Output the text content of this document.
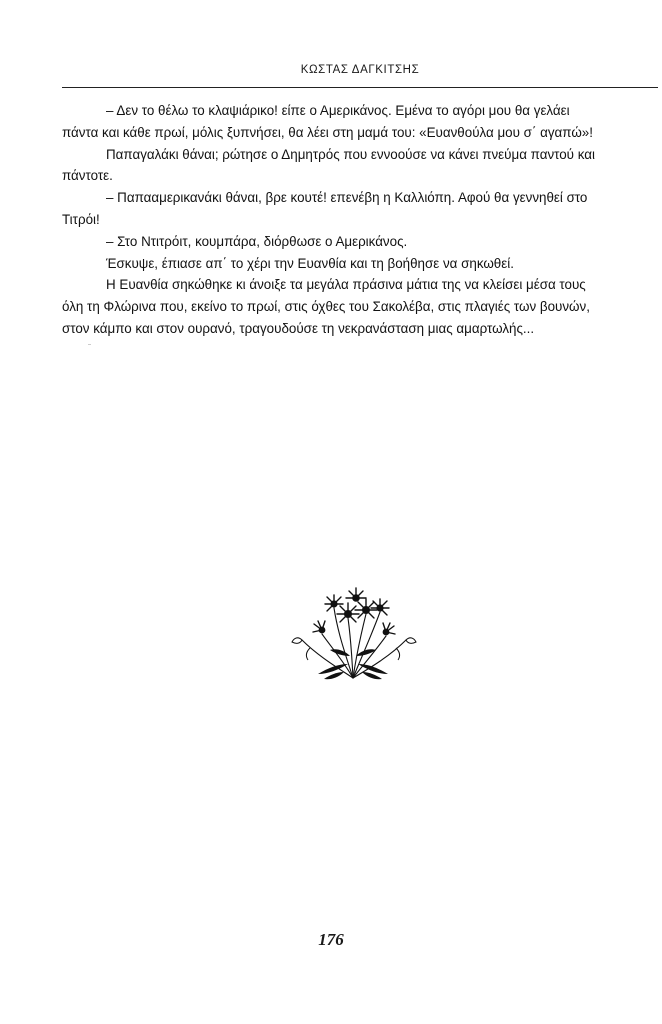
ΚΩΣΤΑΣ ΔΑΓΚΙΤΣΗΣ
– Δεν το θέλω το κλαψιάρικο! είπε ο Αμερικάνος. Εμένα το αγόρι μου θα γελάει
πάντα και κάθε πρωί, μόλις ξυπνήσει, θα λέει στη μαμά του: «Ευανθούλα μου σ΄ αγαπώ»!
Παπαγαλάκι θάναι; ρώτησε ο Δημητρός που εννοούσε να κάνει πνεύμα παντού και
πάντοτε.
– Παπααμερικανάκι θάναι, βρε κουτέ! επενέβη η Καλλιόπη. Αφού θα γεννηθεί στο
Τιτρόι!
– Στο Ντιτρόιτ, κουμπάρα, διόρθωσε ο Αμερικάνος.
Έσκυψε, έπιασε απ΄ το χέρι την Ευανθία και τη βοήθησε να σηκωθεί.
Η Ευανθία σηκώθηκε κι άνοιξε τα μεγάλα πράσινα μάτια της να κλείσει μέσα τους
όλη τη Φλώρινα που, εκείνο το πρωί, στις όχθες του Σακολέβα, στις πλαγιές των βουνών,
στον κάμπο και στον ουρανό, τραγουδούσε τη νεκρανάσταση μιας αμαρτωλής...
176
